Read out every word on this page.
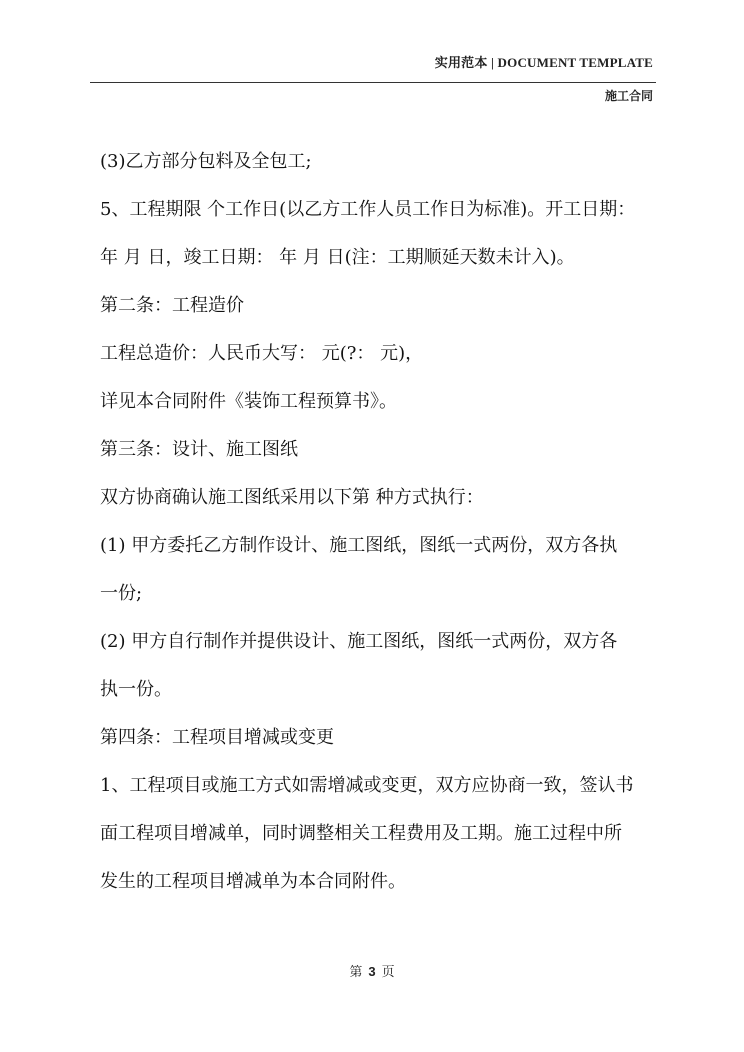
实用范本 | DOCUMENT TEMPLATE
施工合同
(3)乙方部分包料及全包工;
5、工程期限 个工作日(以乙方工作人员工作日为标准)。开工日期：
年 月 日，竣工日期： 年 月 日(注：工期顺延天数未计入)。
第二条：工程造价
工程总造价：人民币大写： 元(?： 元)，
详见本合同附件《装饰工程预算书》。
第三条：设计、施工图纸
双方协商确认施工图纸采用以下第 种方式执行：
(1) 甲方委托乙方制作设计、施工图纸，图纸一式两份，双方各执
一份;
(2) 甲方自行制作并提供设计、施工图纸，图纸一式两份，双方各
执一份。
第四条：工程项目增减或变更
1、工程项目或施工方式如需增减或变更，双方应协商一致，签认书
面工程项目增减单，同时调整相关工程费用及工期。施工过程中所
发生的工程项目增减单为本合同附件。
第 3 页
